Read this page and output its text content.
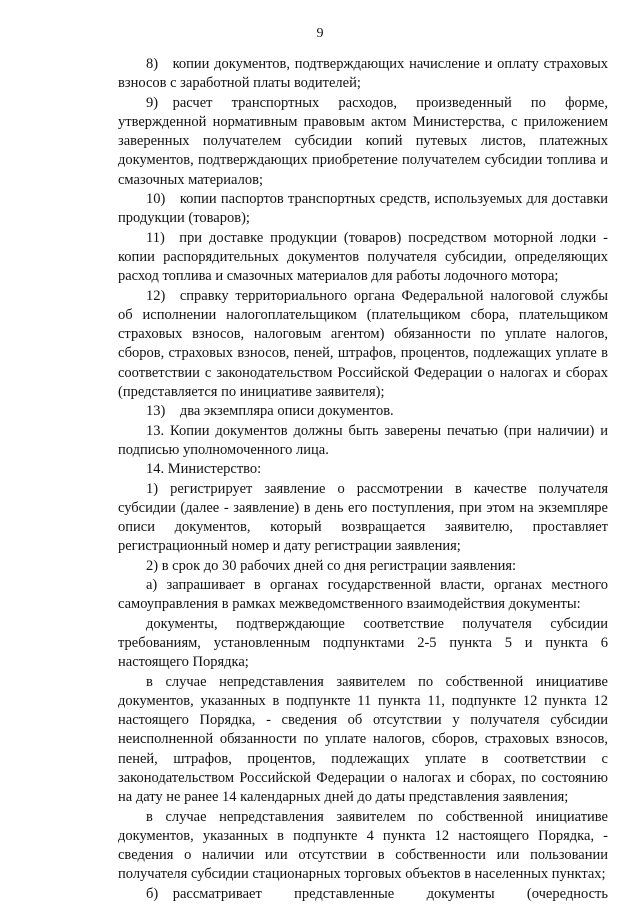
9

8) копии документов, подтверждающих начисление и оплату страховых взносов с заработной платы водителей;

9) расчет транспортных расходов, произведенный по форме, утвержденной нормативным правовым актом Министерства, с приложением заверенных получателем субсидии копий путевых листов, платежных документов, подтверждающих приобретение получателем субсидии топлива и смазочных материалов;

10) копии паспортов транспортных средств, используемых для доставки продукции (товаров);

11) при доставке продукции (товаров) посредством моторной лодки - копии распорядительных документов получателя субсидии, определяющих расход топлива и смазочных материалов для работы лодочного мотора;

12) справку территориального органа Федеральной налоговой службы об исполнении налогоплательщиком (плательщиком сбора, плательщиком страховых взносов, налоговым агентом) обязанности по уплате налогов, сборов, страховых взносов, пеней, штрафов, процентов, подлежащих уплате в соответствии с законодательством Российской Федерации о налогах и сборах (представляется по инициативе заявителя);

13) два экземпляра описи документов.

13. Копии документов должны быть заверены печатью (при наличии) и подписью уполномоченного лица.

14. Министерство:

1) регистрирует заявление о рассмотрении в качестве получателя субсидии (далее - заявление) в день его поступления, при этом на экземпляре описи документов, который возвращается заявителю, проставляет регистрационный номер и дату регистрации заявления;

2) в срок до 30 рабочих дней со дня регистрации заявления:

а) запрашивает в органах государственной власти, органах местного самоуправления в рамках межведомственного взаимодействия документы:

документы, подтверждающие соответствие получателя субсидии требованиям, установленным подпунктами 2-5 пункта 5 и пункта 6 настоящего Порядка;

в случае непредставления заявителем по собственной инициативе документов, указанных в подпункте 11 пункта 11, подпункте 12 пункта 12 настоящего Порядка, - сведения об отсутствии у получателя субсидии неисполненной обязанности по уплате налогов, сборов, страховых взносов, пеней, штрафов, процентов, подлежащих уплате в соответствии с законодательством Российской Федерации о налогах и сборах, по состоянию на дату не ранее 14 календарных дней до даты представления заявления;

в случае непредставления заявителем по собственной инициативе документов, указанных в подпункте 4 пункта 12 настоящего Порядка, - сведения о наличии или отсутствии в собственности или пользовании получателя субсидии стационарных торговых объектов в населенных пунктах;

б) рассматривает представленные документы (очередность
